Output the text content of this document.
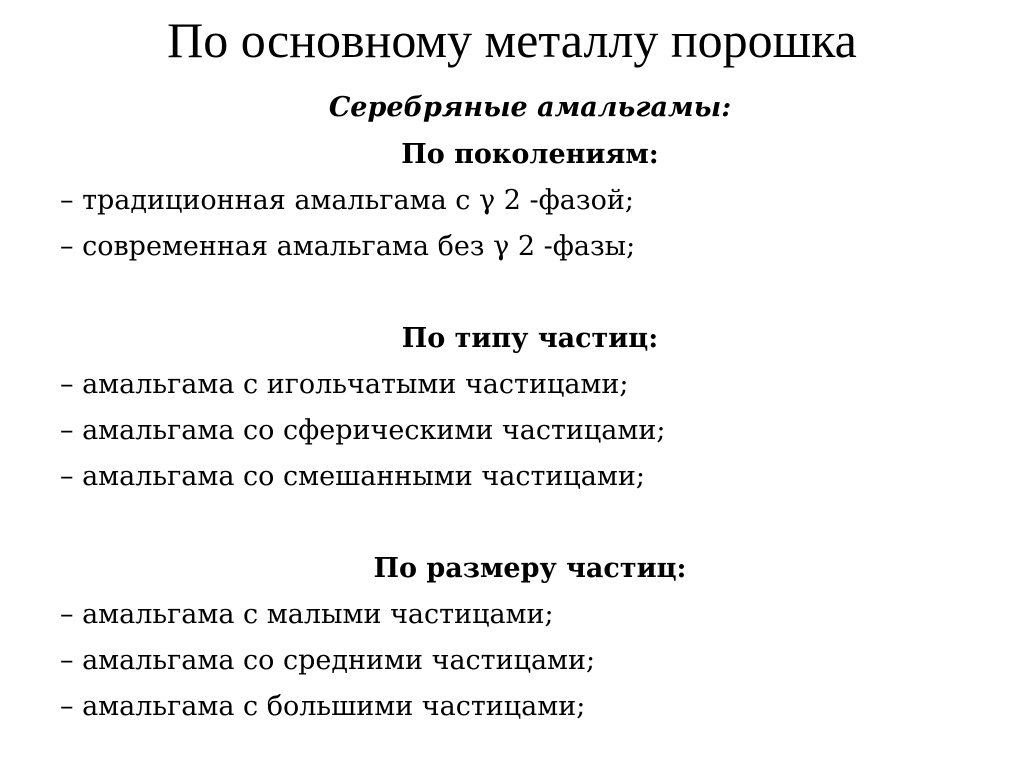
По основному металлу порошка

Серебряные амальгамы:

По поколениям:

– традиционная амальгама с γ 2 -фазой;
– современная амальгама без γ 2 -фазы;

По типу частиц:

– амальгама с игольчатыми частицами;
– амальгама со сферическими частицами;
– амальгама со смешанными частицами;

По размеру частиц:

– амальгама с малыми частицами;
– амальгама со средними частицами;
– амальгама с большими частицами;
